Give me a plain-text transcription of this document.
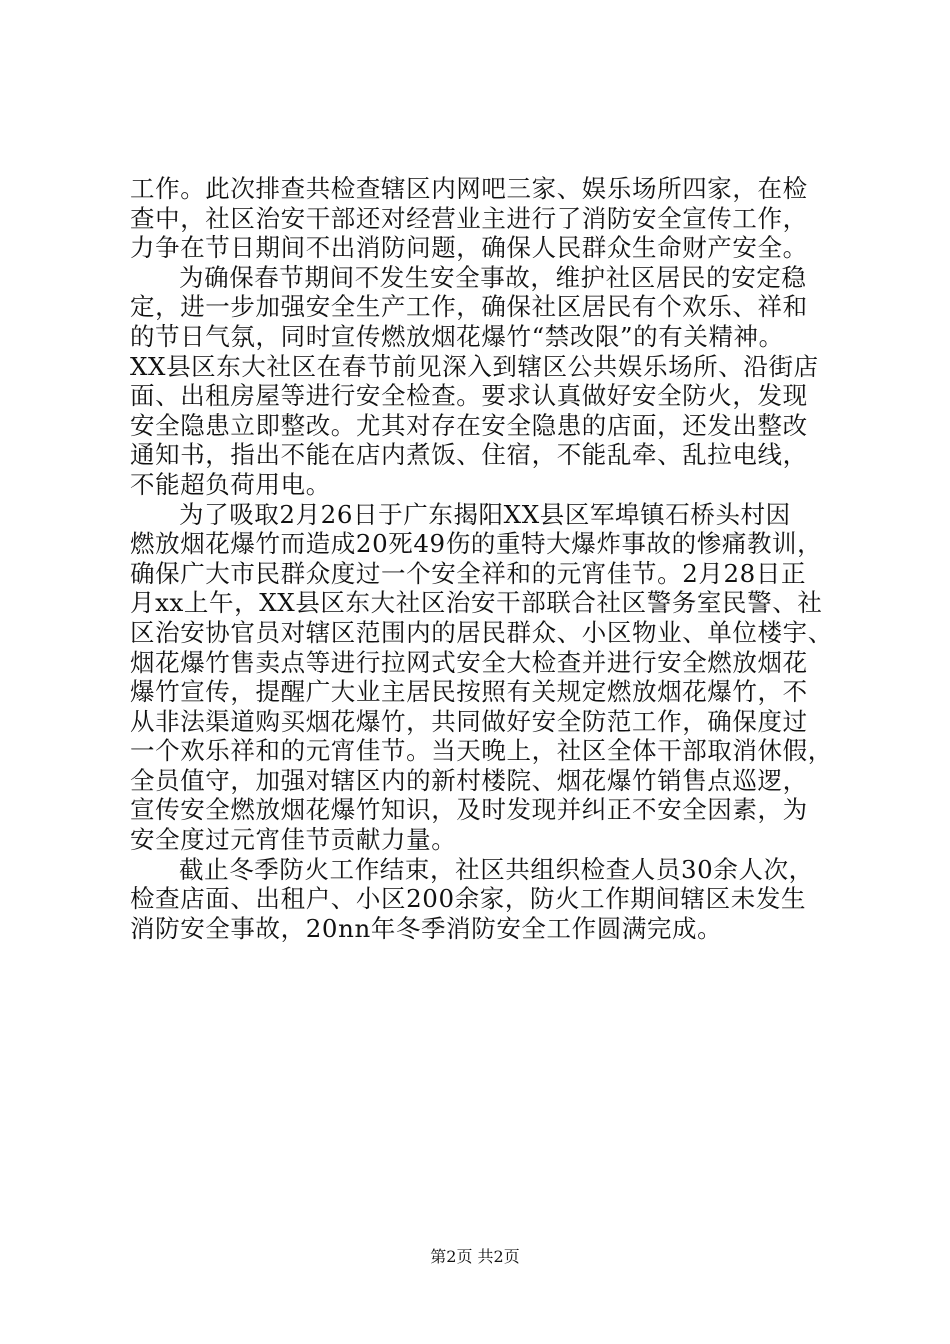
工作。此次排查共检查辖区内网吧三家、娱乐场所四家，在检
查中，社区治安干部还对经营业主进行了消防安全宣传工作，
力争在节日期间不出消防问题，确保人民群众生命财产安全。
为确保春节期间不发生安全事故，维护社区居民的安定稳
定，进一步加强安全生产工作，确保社区居民有个欢乐、祥和
的节日气氛，同时宣传燃放烟花爆竹“禁改限”的有关精神。
XX县区东大社区在春节前见深入到辖区公共娱乐场所、沿街店
面、出租房屋等进行安全检查。要求认真做好安全防火，发现
安全隐患立即整改。尤其对存在安全隐患的店面，还发出整改
通知书，指出不能在店内煮饭、住宿，不能乱牵、乱拉电线，
不能超负荷用电。
为了吸取2月26日于广东揭阳XX县区军埠镇石桥头村因
燃放烟花爆竹而造成20死49伤的重特大爆炸事故的惨痛教训，
确保广大市民群众度过一个安全祥和的元宵佳节。2月28日正
月xx上午，XX县区东大社区治安干部联合社区警务室民警、社
区治安协官员对辖区范围内的居民群众、小区物业、单位楼宇、
烟花爆竹售卖点等进行拉网式安全大检查并进行安全燃放烟花
爆竹宣传，提醒广大业主居民按照有关规定燃放烟花爆竹，不
从非法渠道购买烟花爆竹，共同做好安全防范工作，确保度过
一个欢乐祥和的元宵佳节。当天晚上，社区全体干部取消休假，
全员值守，加强对辖区内的新村楼院、烟花爆竹销售点巡逻，
宣传安全燃放烟花爆竹知识，及时发现并纠正不安全因素，为
安全度过元宵佳节贡献力量。
截止冬季防火工作结束，社区共组织检查人员30余人次，
检查店面、出租户、小区200余家，防火工作期间辖区未发生
消防安全事故，20nn年冬季消防安全工作圆满完成。
第2页 共2页
